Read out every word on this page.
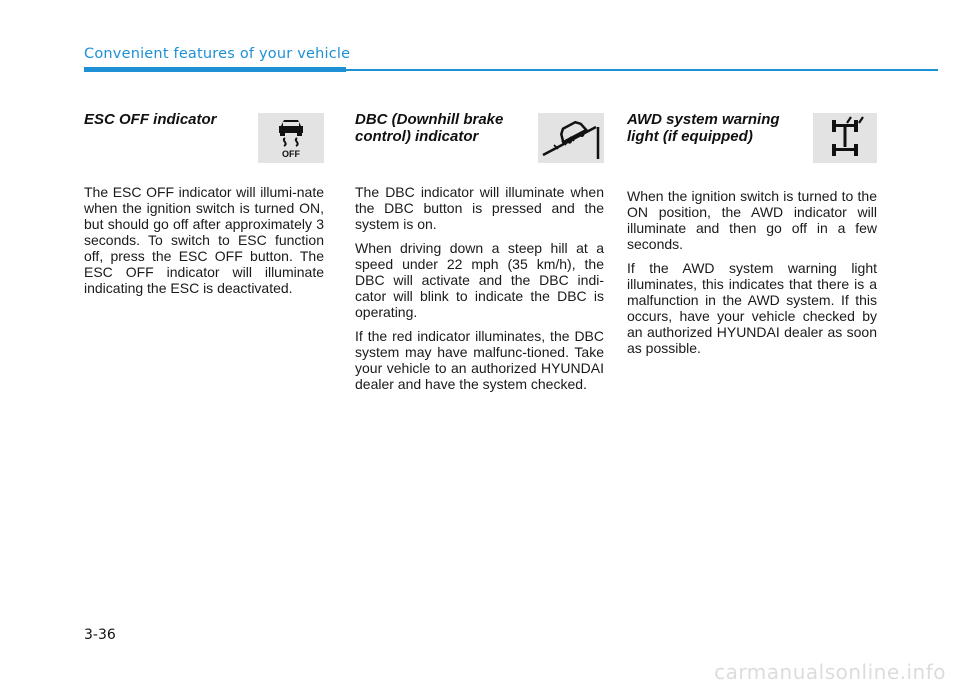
Convenient features of your vehicle
ESC OFF indicator
OFF

The ESC OFF indicator will illumi-nate when the ignition switch is turned ON, but should go off after approximately 3 seconds. To switch to ESC function off, press the ESC OFF button. The ESC OFF indicator will illuminate indicating the ESC is deactivated.

DBC (Downhill brake control) indicator

The DBC indicator will illuminate when the DBC button is pressed and the system is on.

When driving down a steep hill at a speed under 22 mph (35 km/h), the DBC will activate and the DBC indi-cator will blink to indicate the DBC is operating.

If the red indicator illuminates, the DBC system may have malfunc-tioned. Take your vehicle to an authorized HYUNDAI dealer and have the system checked.

AWD system warning light (if equipped)

When the ignition switch is turned to the ON position, the AWD indicator will illuminate and then go off in a few seconds.

If the AWD system warning light illuminates, this indicates that there is a malfunction in the AWD system. If this occurs, have your vehicle checked by an authorized HYUNDAI dealer as soon as possible.

3-36
carmanualsonline.info
